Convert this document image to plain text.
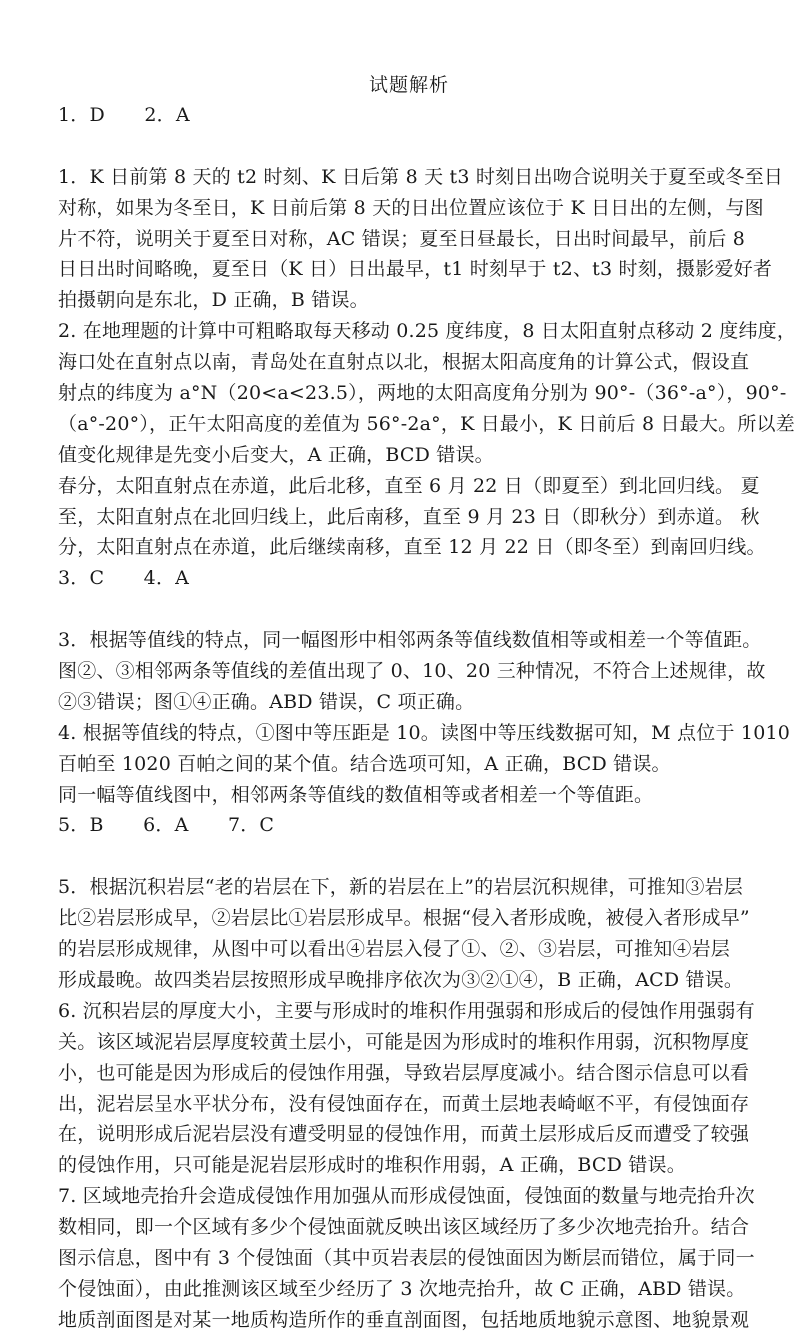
试题解析
1．D　 2．A
1．K 日前第 8 天的 t2 时刻、K 日后第 8 天 t3 时刻日出吻合说明关于夏至或冬至日
对称，如果为冬至日，K 日前后第 8 天的日出位置应该位于 K 日日出的左侧，与图
片不符，说明关于夏至日对称，AC 错误；夏至日昼最长，日出时间最早，前后 8
日日出时间略晚，夏至日（K 日）日出最早，t1 时刻早于 t2、t3 时刻，摄影爱好者
拍摄朝向是东北，D 正确，B 错误。
2. 在地理题的计算中可粗略取每天移动 0.25 度纬度，8 日太阳直射点移动 2 度纬度，
海口处在直射点以南，青岛处在直射点以北，根据太阳高度角的计算公式，假设直
射点的纬度为 a°N（20<a<23.5），两地的太阳高度角分别为 90°-（36°-a°），90°-
（a°-20°），正午太阳高度的差值为 56°-2a°，K 日最小，K 日前后 8 日最大。所以差
值变化规律是先变小后变大，A 正确，BCD 错误。
春分，太阳直射点在赤道，此后北移，直至 6 月 22 日（即夏至）到北回归线。 夏
至，太阳直射点在北回归线上，此后南移，直至 9 月 23 日（即秋分）到赤道。 秋
分，太阳直射点在赤道，此后继续南移，直至 12 月 22 日（即冬至）到南回归线。
3．C　 4．A
3．根据等值线的特点，同一幅图形中相邻两条等值线数值相等或相差一个等值距。
图②、③相邻两条等值线的差值出现了 0、10、20 三种情况，不符合上述规律，故
②③错误；图①④正确。ABD 错误，C 项正确。
4. 根据等值线的特点，①图中等压距是 10。读图中等压线数据可知，M 点位于 1010
百帕至 1020 百帕之间的某个值。结合选项可知，A 正确，BCD 错误。
同一幅等值线图中，相邻两条等值线的数值相等或者相差一个等值距。
5．B　 6．A　 7．C
5．根据沉积岩层“老的岩层在下，新的岩层在上”的岩层沉积规律，可推知③岩层
比②岩层形成早，②岩层比①岩层形成早。根据“侵入者形成晚，被侵入者形成早”
的岩层形成规律，从图中可以看出④岩层入侵了①、②、③岩层，可推知④岩层
形成最晚。故四类岩层按照形成早晚排序依次为③②①④，B 正确，ACD 错误。
6. 沉积岩层的厚度大小，主要与形成时的堆积作用强弱和形成后的侵蚀作用强弱有
关。该区域泥岩层厚度较黄土层小，可能是因为形成时的堆积作用弱，沉积物厚度
小，也可能是因为形成后的侵蚀作用强，导致岩层厚度减小。结合图示信息可以看
出，泥岩层呈水平状分布，没有侵蚀面存在，而黄土层地表崎岖不平，有侵蚀面存
在，说明形成后泥岩层没有遭受明显的侵蚀作用，而黄土层形成后反而遭受了较强
的侵蚀作用，只可能是泥岩层形成时的堆积作用弱，A 正确，BCD 错误。
7. 区域地壳抬升会造成侵蚀作用加强从而形成侵蚀面，侵蚀面的数量与地壳抬升次
数相同，即一个区域有多少个侵蚀面就反映出该区域经历了多少次地壳抬升。结合
图示信息，图中有 3 个侵蚀面（其中页岩表层的侵蚀面因为断层而错位，属于同一
个侵蚀面），由此推测该区域至少经历了 3 次地壳抬升，故 C 正确，ABD 错误。
地质剖面图是对某一地质构造所作的垂直剖面图，包括地质地貌示意图、地貌景观
